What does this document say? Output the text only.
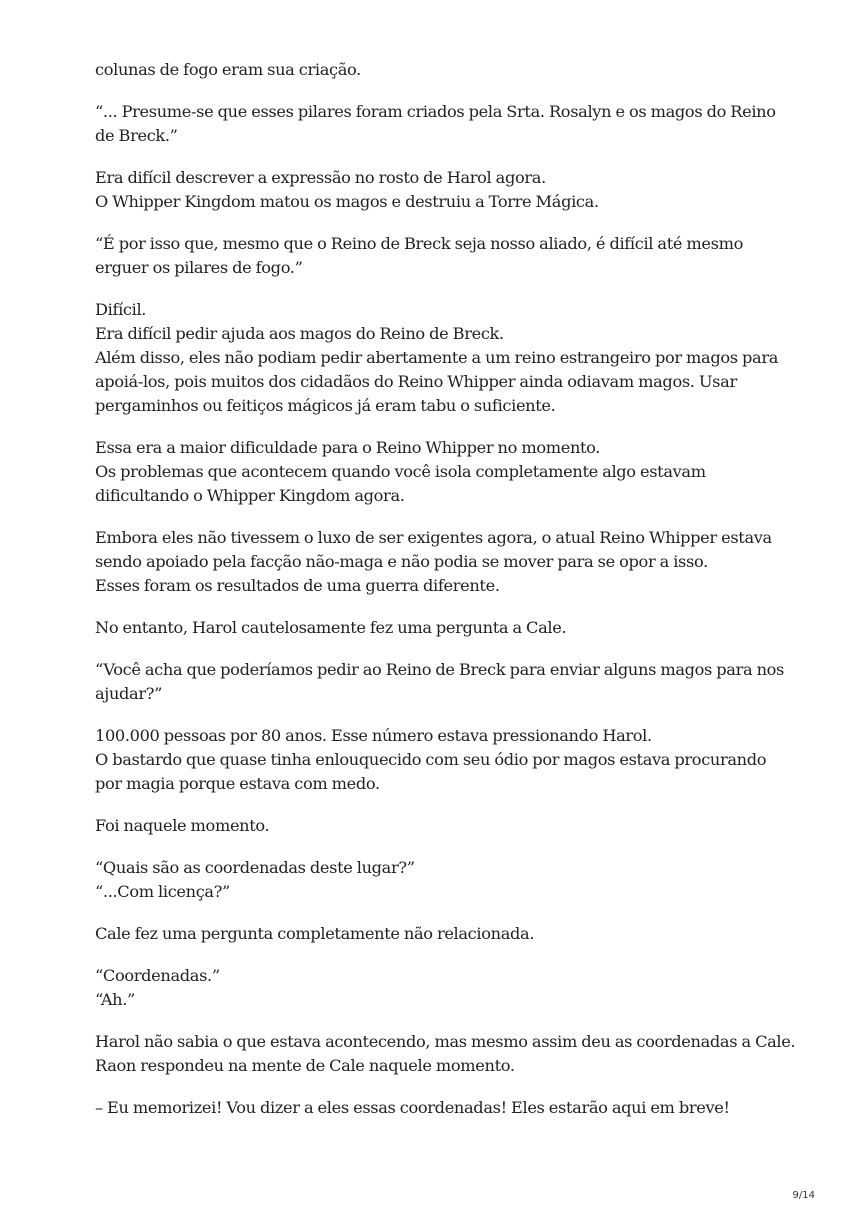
colunas de fogo eram sua criação.

“... Presume-se que esses pilares foram criados pela Srta. Rosalyn e os magos do Reino
de Breck.”

Era difícil descrever a expressão no rosto de Harol agora.
O Whipper Kingdom matou os magos e destruiu a Torre Mágica.

“É por isso que, mesmo que o Reino de Breck seja nosso aliado, é difícil até mesmo
erguer os pilares de fogo.”

Difícil.
Era difícil pedir ajuda aos magos do Reino de Breck.
Além disso, eles não podiam pedir abertamente a um reino estrangeiro por magos para
apoiá-los, pois muitos dos cidadãos do Reino Whipper ainda odiavam magos. Usar
pergaminhos ou feitiços mágicos já eram tabu o suficiente.

Essa era a maior dificuldade para o Reino Whipper no momento.
Os problemas que acontecem quando você isola completamente algo estavam
dificultando o Whipper Kingdom agora.

Embora eles não tivessem o luxo de ser exigentes agora, o atual Reino Whipper estava
sendo apoiado pela facção não-maga e não podia se mover para se opor a isso.
Esses foram os resultados de uma guerra diferente.

No entanto, Harol cautelosamente fez uma pergunta a Cale.

“Você acha que poderíamos pedir ao Reino de Breck para enviar alguns magos para nos
ajudar?”

100.000 pessoas por 80 anos. Esse número estava pressionando Harol.
O bastardo que quase tinha enlouquecido com seu ódio por magos estava procurando
por magia porque estava com medo.

Foi naquele momento.

“Quais são as coordenadas deste lugar?”
“...Com licença?”

Cale fez uma pergunta completamente não relacionada.

“Coordenadas.”
“Ah.”

Harol não sabia o que estava acontecendo, mas mesmo assim deu as coordenadas a Cale.
Raon respondeu na mente de Cale naquele momento.

– Eu memorizei! Vou dizer a eles essas coordenadas! Eles estarão aqui em breve!

9/14
